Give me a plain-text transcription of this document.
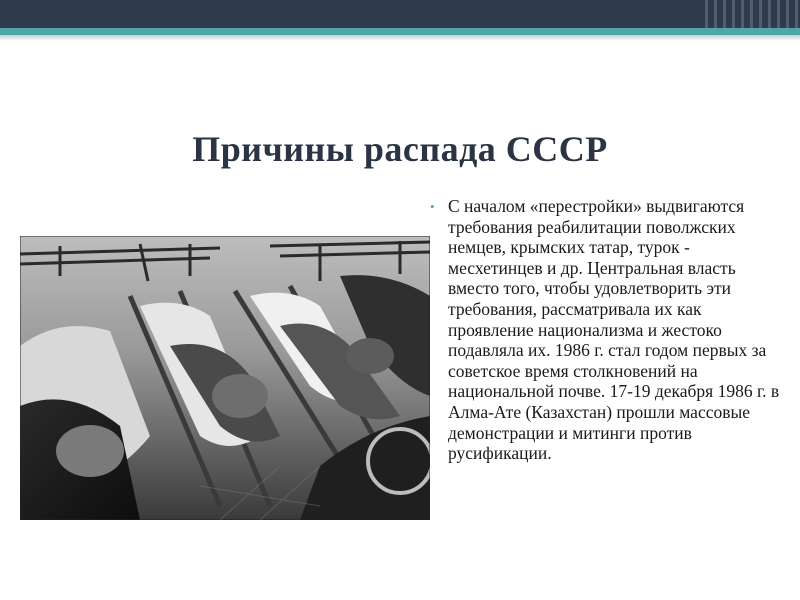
Причины распада СССР
• С началом «перестройки» выдвигаются требования реабилитации поволжских немцев, крымских татар, турок - месхетинцев и др. Центральная власть вместо того, чтобы удовлетворить эти требования, рассматривала их как проявление национализма и жестоко подавляла их. 1986 г. стал годом первых за советское время столкновений на национальной почве. 17-19 декабря 1986 г. в Алма-Ате (Казахстан) прошли массовые демонстрации и митинги против русификации.
